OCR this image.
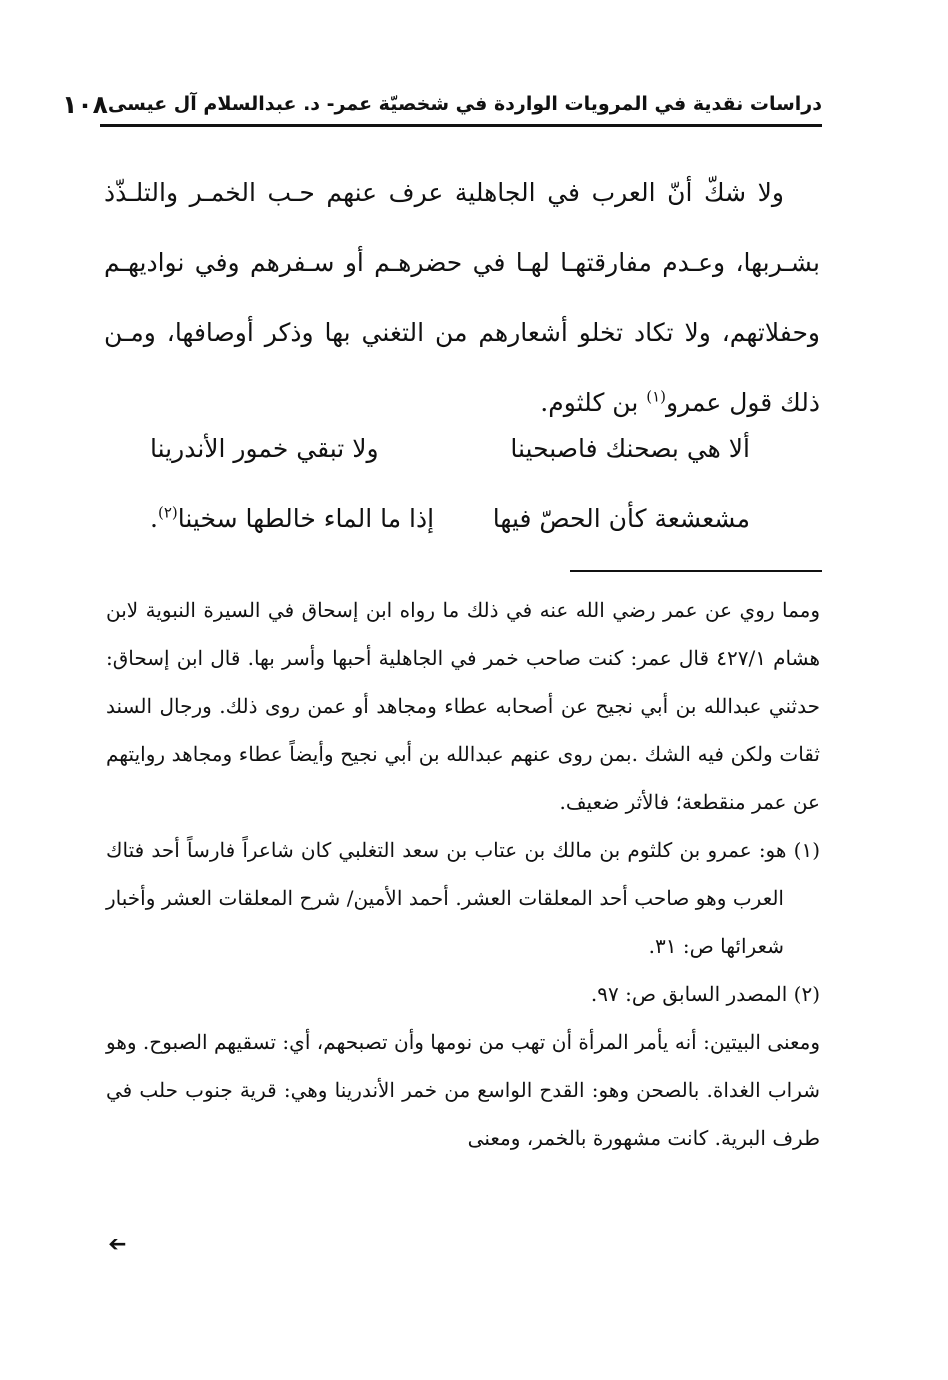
دراسات نقدية في المرويات الواردة في شخصيّة عمر- د. عبدالسلام آل عيسى
١٠٨

ولا شكّ أنّ العرب في الجاهلية عرف عنهم حـب الخمـر والتلـذّذ بشـربها، وعـدم مفارقتهـا لهـا في حضرهـم أو سـفرهم وفي نواديهـم وحفلاتهم، ولا تكاد تخلو أشعارهم من التغني بها وذكر أوصافها، ومـن ذلك قول عمرو$^{(١)}$ بن كلثوم.

ألا هي بصحنك فاصبحينا
ولا تبقي خمور الأندرينا
مشعشعة كأن الحصّ فيها
إذا ما الماء خالطها سخينا$^{(٢)}$.

ومما روي عن عمر رضي الله عنه في ذلك ما رواه ابن إسحاق في السيرة النبوية لابن هشام ٤٢٧/١ قال عمر: كنت صاحب خمر في الجاهلية أحبها وأسر بها. قال ابن إسحاق: حدثني عبدالله بن أبي نجيح عن أصحابه عطاء ومجاهد أو عمن روى ذلك. ورجال السند ثقات ولكن فيه الشك .بمن روى عنهم عبدالله بن أبي نجيح وأيضاً عطاء ومجاهد روايتهم عن عمر منقطعة؛ فالأثر ضعيف.

(١) هو: عمرو بن كلثوم بن مالك بن عتاب بن سعد التغلبي كان شاعراً فارساً أحد فتاك العرب وهو صاحب أحد المعلقات العشر. أحمد الأمين/ شرح المعلقات العشر وأخبار شعرائها ص: ٣١.

(٢) المصدر السابق ص: ٩٧.

ومعنى البيتين: أنه يأمر المرأة أن تهب من نومها وأن تصبحهم، أي: تسقيهم الصبوح. وهو شراب الغداة. بالصحن وهو: القدح الواسع من خمر الأندرينا وهي: قرية جنوب حلب في طرف البرية. كانت مشهورة بالخمر، ومعنى

➔
